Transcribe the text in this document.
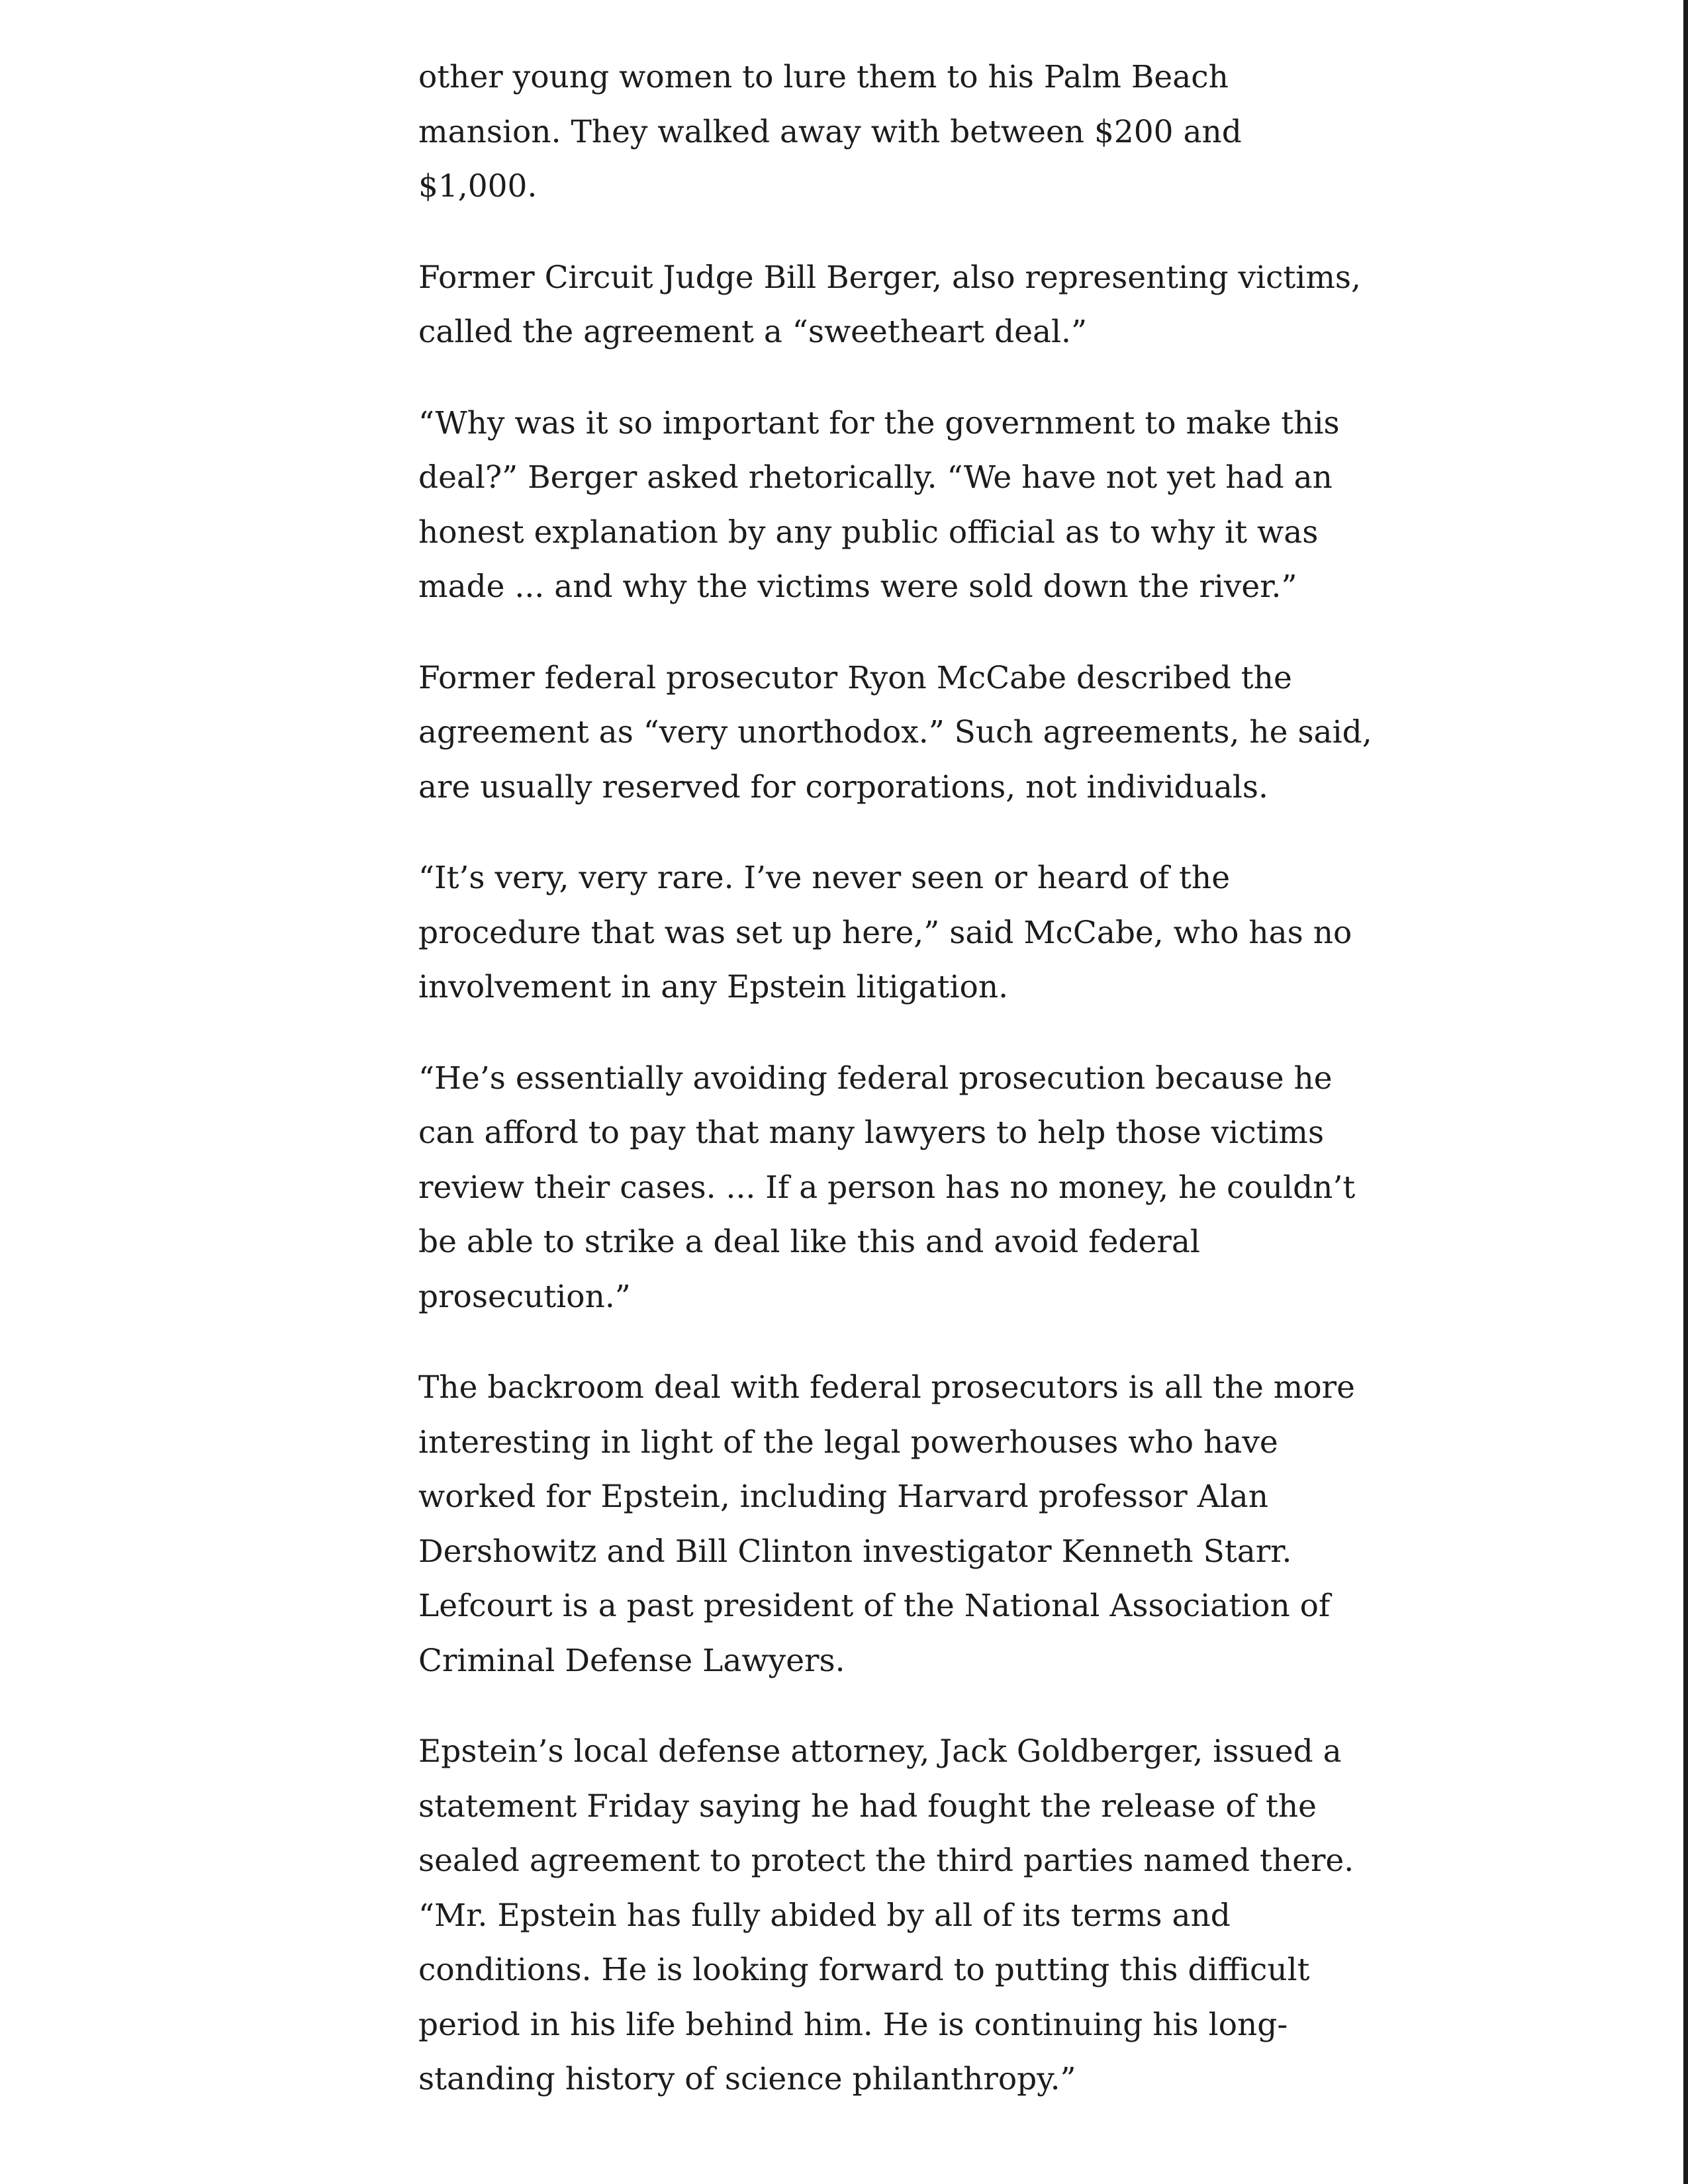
other young women to lure them to his Palm Beach
mansion. They walked away with between $200 and
$1,000.

Former Circuit Judge Bill Berger, also representing victims,
called the agreement a “sweetheart deal.”

“Why was it so important for the government to make this
deal?” Berger asked rhetorically. “We have not yet had an
honest explanation by any public official as to why it was
made ... and why the victims were sold down the river.”

Former federal prosecutor Ryon McCabe described the
agreement as “very unorthodox.” Such agreements, he said,
are usually reserved for corporations, not individuals.

“It’s very, very rare. I’ve never seen or heard of the
procedure that was set up here,” said McCabe, who has no
involvement in any Epstein litigation.

“He’s essentially avoiding federal prosecution because he
can afford to pay that many lawyers to help those victims
review their cases. ... If a person has no money, he couldn’t
be able to strike a deal like this and avoid federal
prosecution.”

The backroom deal with federal prosecutors is all the more
interesting in light of the legal powerhouses who have
worked for Epstein, including Harvard professor Alan
Dershowitz and Bill Clinton investigator Kenneth Starr.
Lefcourt is a past president of the National Association of
Criminal Defense Lawyers.

Epstein’s local defense attorney, Jack Goldberger, issued a
statement Friday saying he had fought the release of the
sealed agreement to protect the third parties named there.
“Mr. Epstein has fully abided by all of its terms and
conditions. He is looking forward to putting this difficult
period in his life behind him. He is continuing his long-
standing history of science philanthropy.”
